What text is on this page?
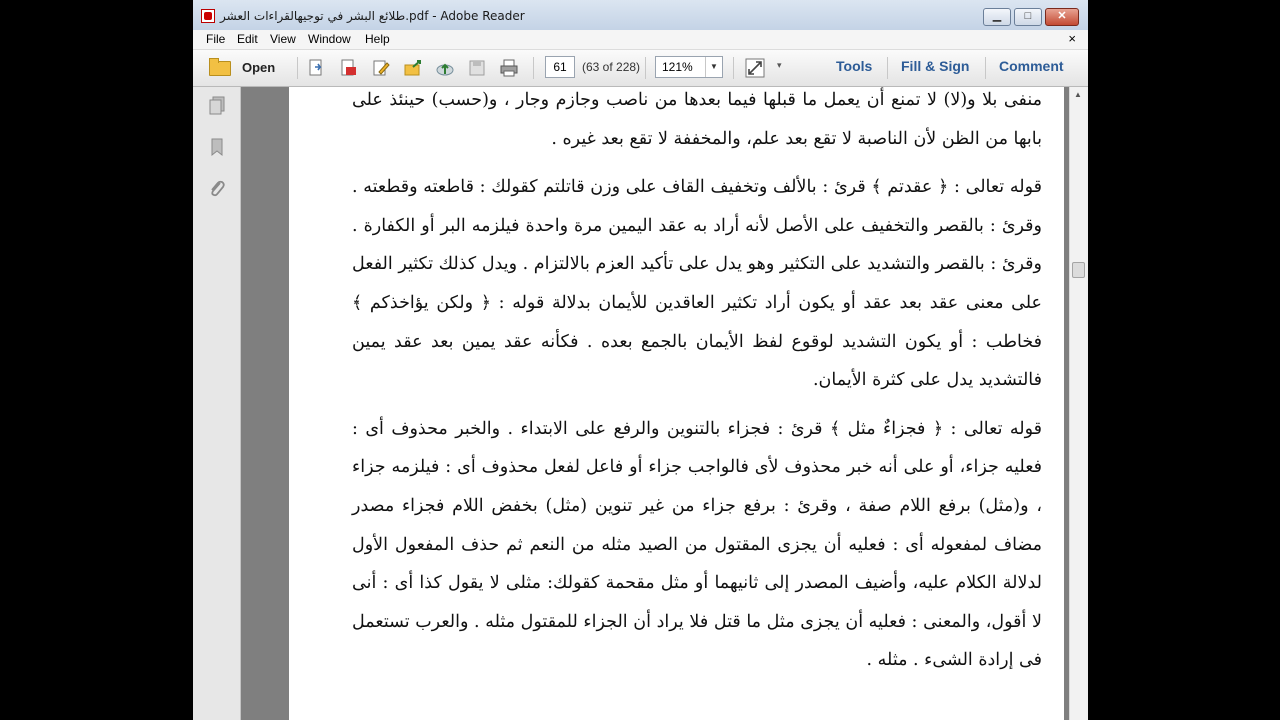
طلائع البشر في توجيهالقراءات العشر.pdf - Adobe Reader	▁	□	✕
File Edit View Window Help	×
Open	61	(63 of 228) 121%	▼	▾	Tools Fill & Sign Comment

منفى بلا و(لا) لا تمنع أن يعمل ما قبلها فيما بعدها من ناصب وجازم وجار ، و(حسب) حينئذ على بابها من الظن لأن الناصبة لا تقع بعد علم، والمخففة لا تقع بعد غيره .

قوله تعالى : ﴿ عقدتم ﴾ قرئ : بالألف وتخفيف القاف على وزن قاتلتم كقولك : قاطعته وقطعته . وقرئ : بالقصر والتخفيف على الأصل لأنه أراد به عقد اليمين مرة واحدة فيلزمه البر أو الكفارة . وقرئ : بالقصر والتشديد على التكثير وهو يدل على تأكيد العزم بالالتزام . ويدل كذلك تكثير الفعل على معنى عقد بعد عقد أو يكون أراد تكثير العاقدين للأيمان بدلالة قوله : ﴿ ولكن يؤاخذكم ﴾ فخاطب : أو يكون التشديد لوقوع لفظ الأيمان بالجمع بعده . فكأنه عقد يمين بعد عقد يمين فالتشديد يدل على كثرة الأيمان.

قوله تعالى : ﴿ فجزاءٌ مثل ﴾ قرئ : فجزاء بالتنوين والرفع على الابتداء . والخبر محذوف أى : فعليه جزاء، أو على أنه خبر محذوف لأى فالواجب جزاء أو فاعل لفعل محذوف أى : فيلزمه جزاء ، و(مثل) برفع اللام صفة ، وقرئ : برفع جزاء من غير تنوين (مثل) بخفض اللام فجزاء مصدر مضاف لمفعوله أى : فعليه أن يجزى المقتول من الصيد مثله من النعم ثم حذف المفعول الأول لدلالة الكلام عليه، وأضيف المصدر إلى ثانيهما أو مثل مقحمة كقولك: مثلى لا يقول كذا أى : أنى لا أقول، والمعنى : فعليه أن يجزى مثل ما قتل فلا يراد أن الجزاء للمقتول مثله . والعرب تستعمل فى إرادة الشىء . مثله .

▲
